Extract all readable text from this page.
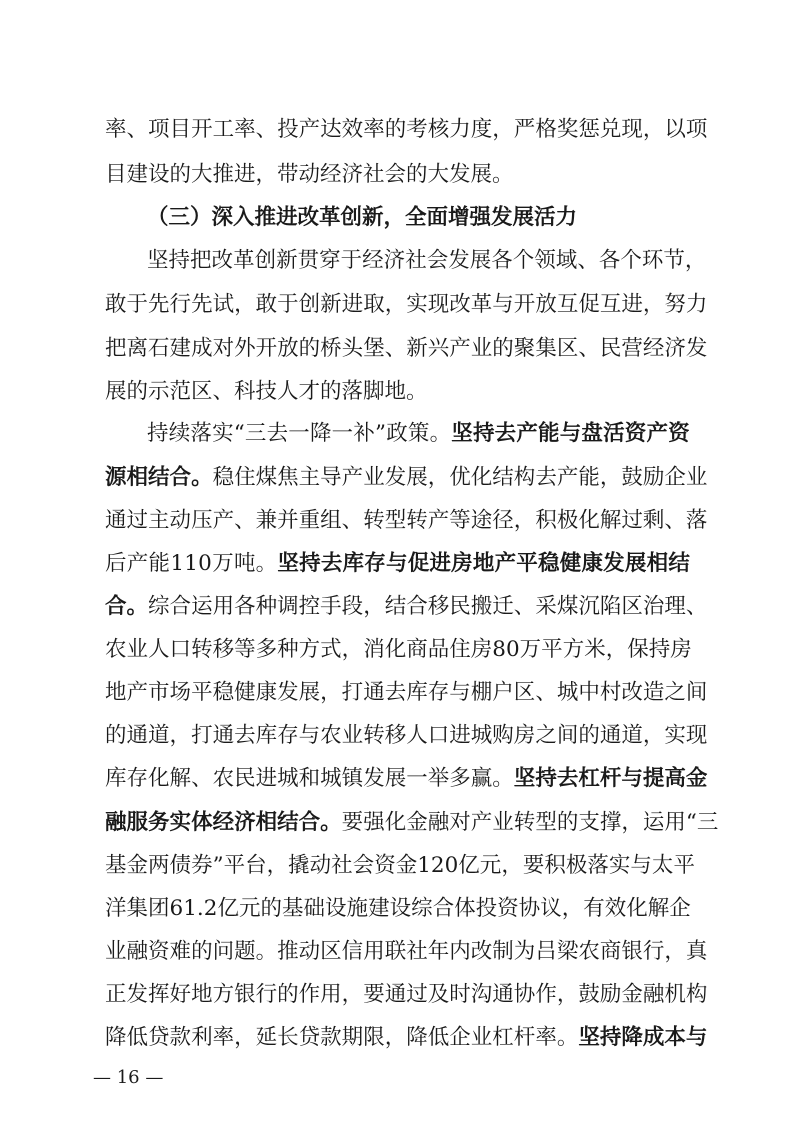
率 、 项 目 开 工 率 、 投 产 达 效 率 的 考 核 力 度 ， 严 格 奖 惩 兑 现 ， 以 项
目建设的大推进，带动经济社会的大发展。
（三）深入推进改革创新，全面增强发展活力
坚 持 把 改 革 创 新 贯 穿 于 经 济 社 会 发 展 各 个 领 域 、 各 个 环 节 ，
敢 于 先 行 先 试 ， 敢 于 创 新 进 取 ， 实 现 改 革 与 开 放 互 促 互 进 ， 努 力
把 离 石 建 成 对 外 开 放 的 桥 头 堡 、 新 兴 产 业 的 聚 集 区 、 民 营 经 济 发
展的示范区、科技人才的落脚地。
持 续 落 实 “ 三 去 一 降 一 补 ” 政 策 。 坚 持 去 产 能 与 盘 活 资 产 资
源 相 结 合 。 稳 住 煤 焦 主 导 产 业 发 展 ， 优 化 结 构 去 产 能 ， 鼓 励 企 业
通 过 主 动 压 产 、 兼 并 重 组 、 转 型 转 产 等 途 径 ， 积 极 化 解 过 剩 、 落
后 产 能 1 1 0 万 吨 。 坚 持 去 库 存 与 促 进 房 地 产 平 稳 健 康 发 展 相 结
合 。 综 合 运 用 各 种 调 控 手 段 ， 结 合 移 民 搬 迁 、 采 煤 沉 陷 区 治 理 、
农 业 人 口 转 移 等 多 种 方 式 ， 消 化 商 品 住 房 8 0 万 平 方 米 ， 保 持 房
地 产 市 场 平 稳 健 康 发 展 ， 打 通 去 库 存 与 棚 户 区 、 城 中 村 改 造 之 间
的 通 道 ， 打 通 去 库 存 与 农 业 转 移 人 口 进 城 购 房 之 间 的 通 道 ， 实 现
库 存 化 解 、 农 民 进 城 和 城 镇 发 展 一 举 多 赢 。 坚 持 去 杠 杆 与 提 高 金
融 服 务 实 体 经 济 相 结 合 。 要 强 化 金 融 对 产 业 转 型 的 支 撑 ， 运 用 “ 三
基 金 两 债 券 ” 平 台 ， 撬 动 社 会 资 金 1 2 0 亿 元 ， 要 积 极 落 实 与 太 平
洋 集 团 6 1 . 2 亿 元 的 基 础 设 施 建 设 综 合 体 投 资 协 议 ， 有 效 化 解 企
业 融 资 难 的 问 题 。 推 动 区 信 用 联 社 年 内 改 制 为 吕 梁 农 商 银 行 ， 真
正 发 挥 好 地 方 银 行 的 作 用 ， 要 通 过 及 时 沟 通 协 作 ， 鼓 励 金 融 机 构
降 低 贷 款 利 率 ， 延 长 贷 款 期 限 ， 降 低 企 业 杠 杆 率 。 坚 持 降 成 本 与
— 16 —
